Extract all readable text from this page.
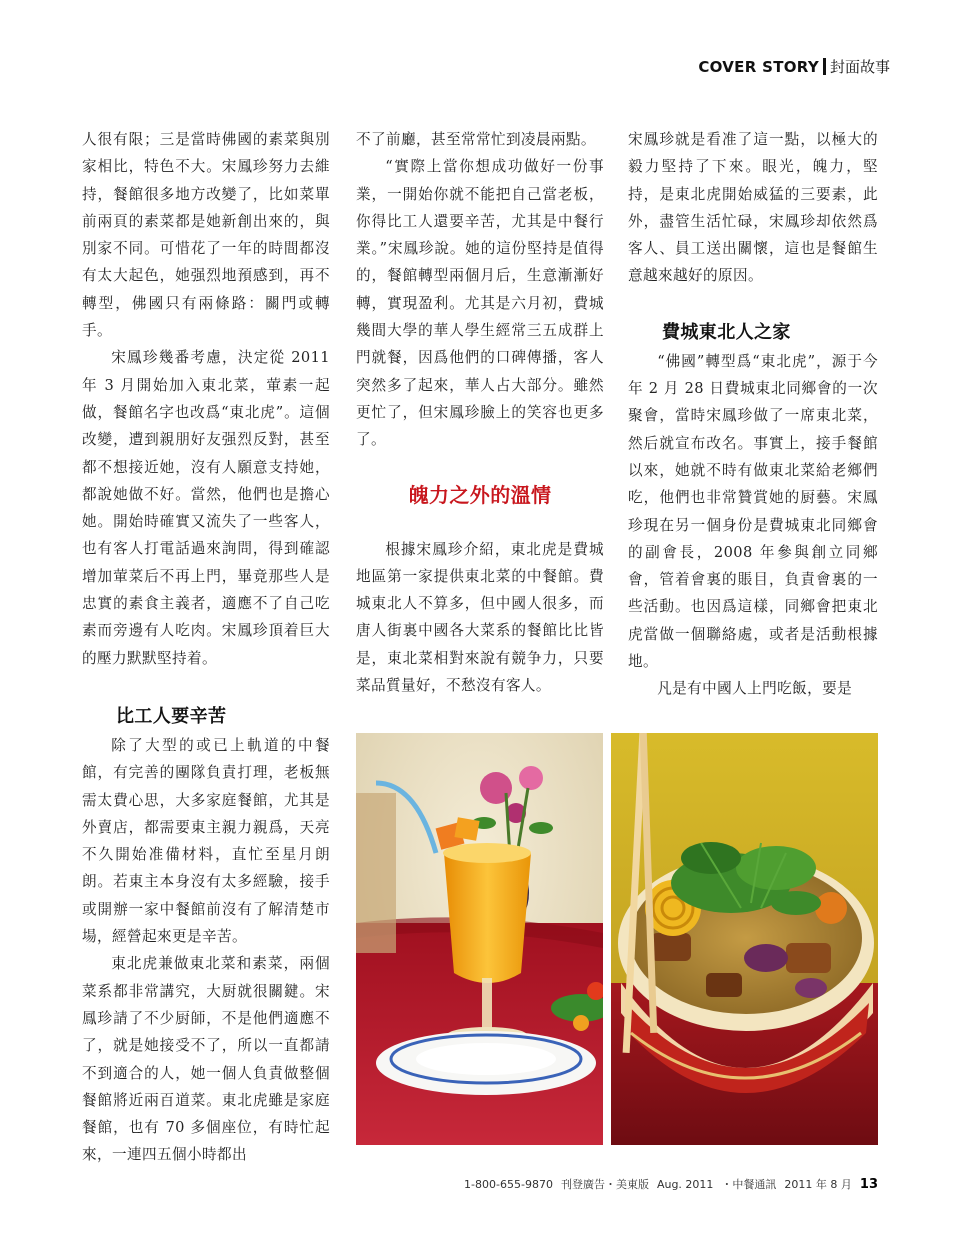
COVER STORY 封面故事

人很有限；三是當時佛國的素菜與別家相比，特色不大。宋鳳珍努力去維持，餐館很多地方改變了，比如菜單前兩頁的素菜都是她新創出來的，與別家不同。可惜花了一年的時間都沒有太大起色，她强烈地預感到，再不轉型，佛國只有兩條路：關門或轉手。

宋鳳珍幾番考慮，決定從 2011 年 3 月開始加入東北菜，葷素一起做，餐館名字也改爲“東北虎”。這個改變，遭到親朋好友强烈反對，甚至都不想接近她，沒有人願意支持她，都說她做不好。當然，他們也是擔心她。開始時確實又流失了一些客人，也有客人打電話過來詢問，得到確認增加葷菜后不再上門，畢竟那些人是忠實的素食主義者，適應不了自己吃素而旁邊有人吃肉。宋鳳珍頂着巨大的壓力默默堅持着。

比工人要辛苦

除了大型的或已上軌道的中餐館，有完善的團隊負責打理，老板無需太費心思，大多家庭餐館，尤其是外賣店，都需要東主親力親爲，天亮不久開始准備材料，直忙至星月朗朗。若東主本身沒有太多經驗，接手或開辦一家中餐館前沒有了解清楚市場，經營起來更是辛苦。

東北虎兼做東北菜和素菜，兩個菜系都非常講究，大厨就很關鍵。宋鳳珍請了不少厨師，不是他們適應不了，就是她接受不了，所以一直都請不到適合的人，她一個人負責做整個餐館將近兩百道菜。東北虎雖是家庭餐館，也有 70 多個座位，有時忙起來，一連四五個小時都出

不了前廳，甚至常常忙到凌晨兩點。

“實際上當你想成功做好一份事業，一開始你就不能把自己當老板，你得比工人還要辛苦，尤其是中餐行業。”宋鳳珍說。她的這份堅持是值得的，餐館轉型兩個月后，生意漸漸好轉，實現盈利。尤其是六月初，費城幾間大學的華人學生經常三五成群上門就餐，因爲他們的口碑傳播，客人突然多了起來，華人占大部分。雖然更忙了，但宋鳳珍臉上的笑容也更多了。

魄力之外的溫情

根據宋鳳珍介紹，東北虎是費城地區第一家提供東北菜的中餐館。費城東北人不算多，但中國人很多，而唐人街裏中國各大菜系的餐館比比皆是，東北菜相對來說有競争力，只要菜品質量好，不愁沒有客人。

宋鳳珍就是看准了這一點，以極大的毅力堅持了下來。眼光，魄力，堅持，是東北虎開始威猛的三要素，此外，盡管生活忙碌，宋鳳珍却依然爲客人、員工送出關懷，這也是餐館生意越來越好的原因。

費城東北人之家

“佛國”轉型爲“東北虎”，源于今年 2 月 28 日費城東北同鄉會的一次聚會，當時宋鳳珍做了一席東北菜，然后就宣布改名。事實上，接手餐館以來，她就不時有做東北菜給老鄉們吃，他們也非常贊賞她的厨藝。宋鳳珍現在另一個身份是費城東北同鄉會的副會長，2008 年參與創立同鄉會，管着會裏的賬目，負責會裏的一些活動。也因爲這樣，同鄉會把東北虎當做一個聯絡處，或者是活動根據地。

凡是有中國人上門吃飯，要是

1-800-655-9870 刊登廣告・美東版 Aug. 2011 ・中餐通訊 2011 年 8 月 13
